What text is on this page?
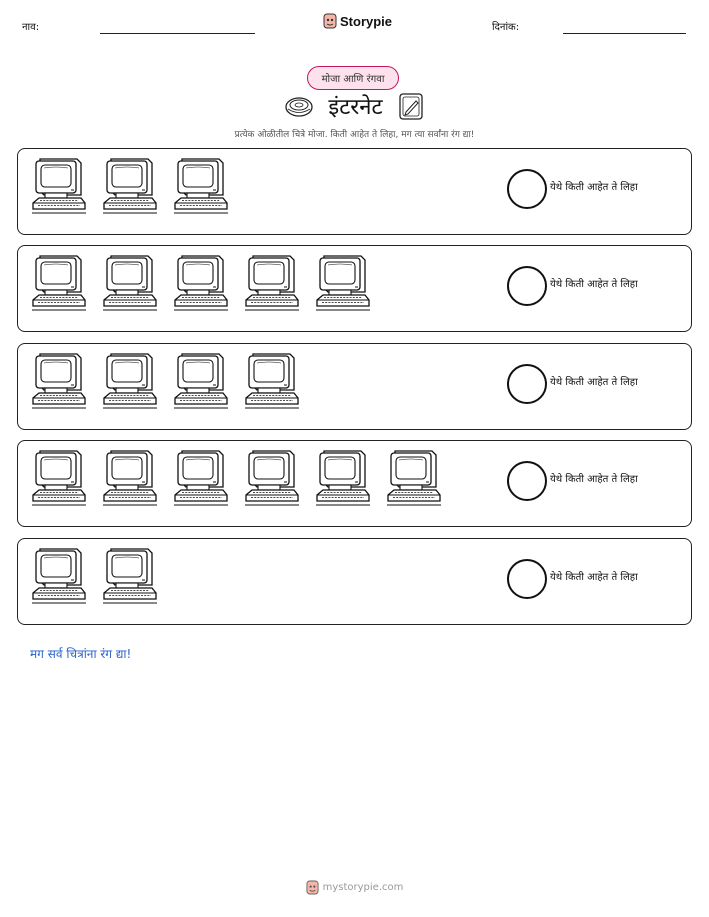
नाव:	Storypie	दिनांक:
मोजा आणि रंगवा
इंटरनेट
प्रत्येक ओळीतील चित्रे मोजा. किती आहेत ते लिहा, मग त्या सर्वांना रंग द्या!
येथे किती आहेत ते लिहा
येथे किती आहेत ते लिहा
येथे किती आहेत ते लिहा
येथे किती आहेत ते लिहा
येथे किती आहेत ते लिहा
मग सर्व चित्रांना रंग द्या!
mystorypie.com
